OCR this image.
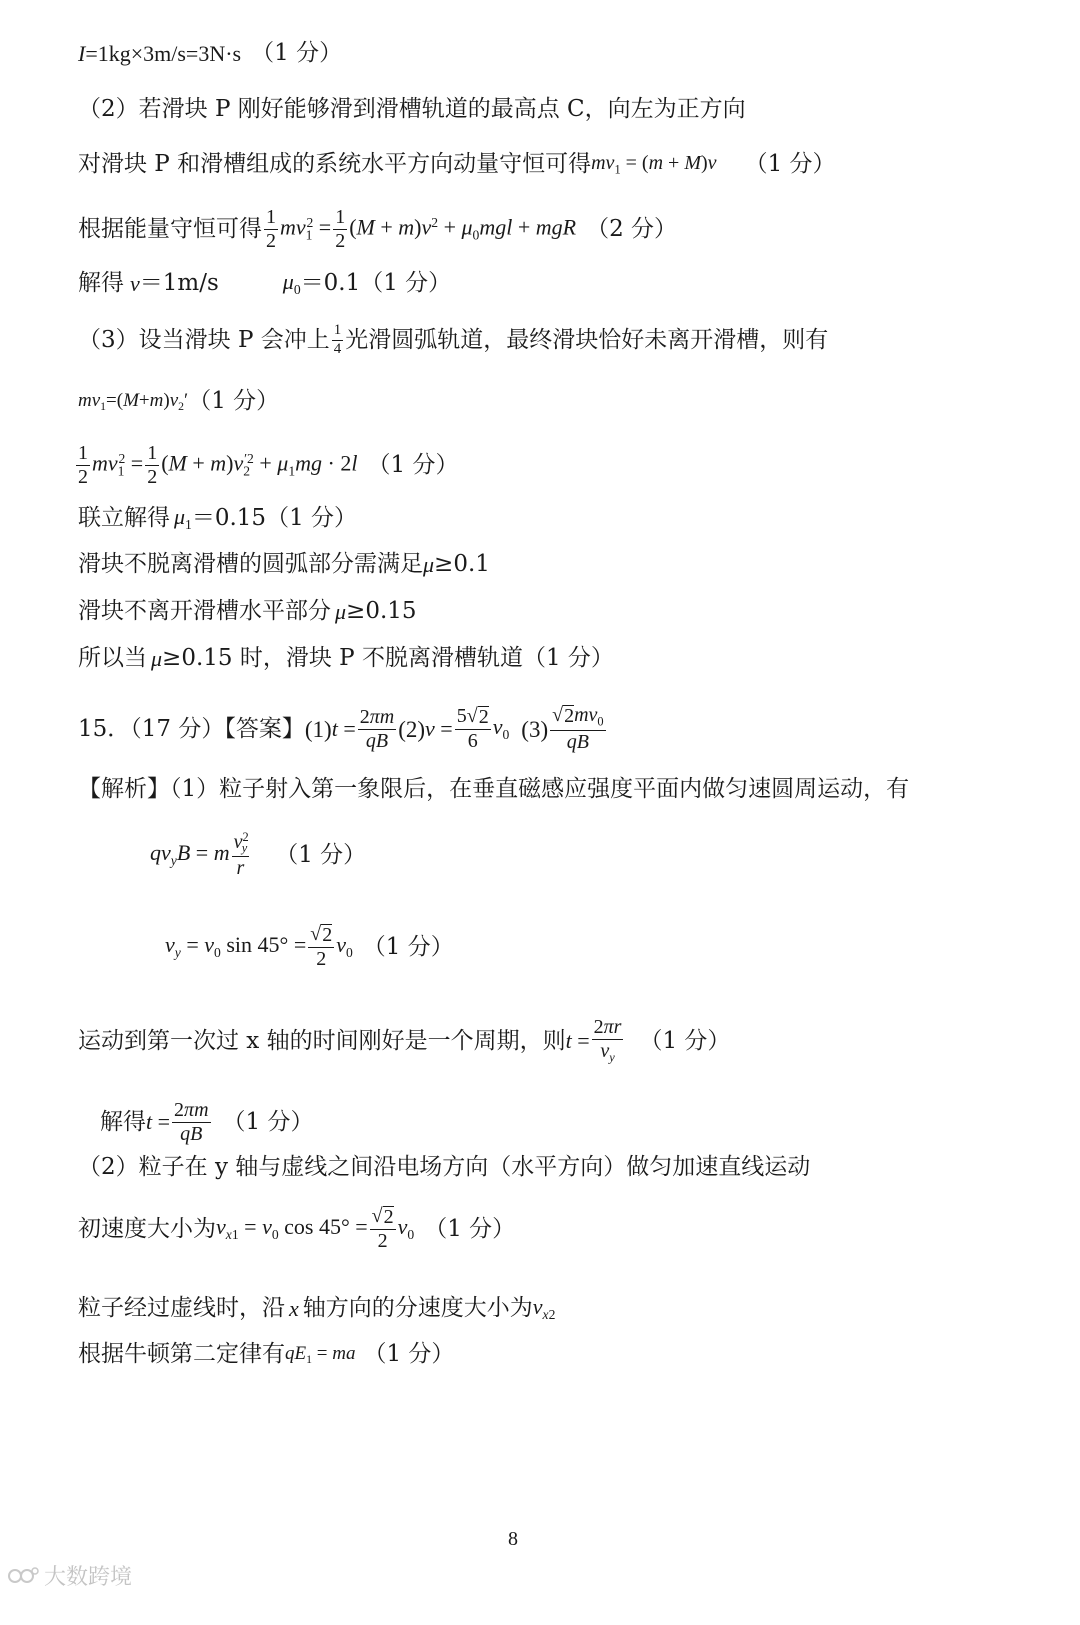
I=1kg×3m/s=3N·s （1 分）
（2）若滑块 P 刚好能够滑到滑槽轨道的最高点 C，向左为正方向
对滑块 P 和滑槽组成的系统水平方向动量守恒可得 $mv_1 = (m + M)v$ （1 分）
根据能量守恒可得 $\frac{1}{2} mv_1^2 = \frac{1}{2} (M + m)v^2 + \mu_0mgl$ + mgR （2 分）
解得 v ＝1m/s	$\mu_0 =0.1(1$ 分）
（3）设当滑块 P 会冲上 $\frac{1}{4}$ 光滑圆弧轨道，最终滑块恰好未离开滑槽，则有
$mv_1=(M+m)v_2'$ （1 分）
$\frac{1}{2} mv_1^2 = \frac{1}{2} (M + m)v_2^{'2} + \mu_1mg \cdot 2l$ （1 分）
联立解得 $\mu_1 =0.15(1$ 分）
滑块不脱离滑槽的圆弧部分需满足 μ ≥0.1
滑块不离开滑槽水平部分 μ ≥0.15
所以当 μ ≥0.15 时，滑块 P 不脱离滑槽轨道（1 分）
15．（17 分）【答案】 (1) $t = \frac{2\pi m}{qB} (2) v = \frac{5 √ 2}{6} v_0$ $(3) \frac{√ 2 mv_0}{qB}$
【解析】（1）粒子射入第一象限后，在垂直磁感应强度平面内做匀速圆周运动，有
$qv_yB = m \frac{v^2_y}{r} (1$ 分）
$v_y = v_0$ $\sin 45^\circ = \frac{√ 2}{2} v_0$ （1 分）
运动到第一次过 x 轴的时间刚好是一个周期，则 $t = \frac{2\pi r}{v_y} (1$ 分）
解得 $t = \frac{2\pi m}{qB} (1$ 分）
（2）粒子在 y 轴与虚线之间沿电场方向（水平方向）做匀加速直线运动
初速度大小为 $v_{x1} = v_0$ $\cos 45^\circ = \frac{√ 2}{2} v_0$ （1 分）
粒子经过虚线时，沿 x 轴方向的分速度大小为 $v_{x2}$
根据牛顿第二定律有 $qE_1$ = ma （1 分）
8
大数跨境
